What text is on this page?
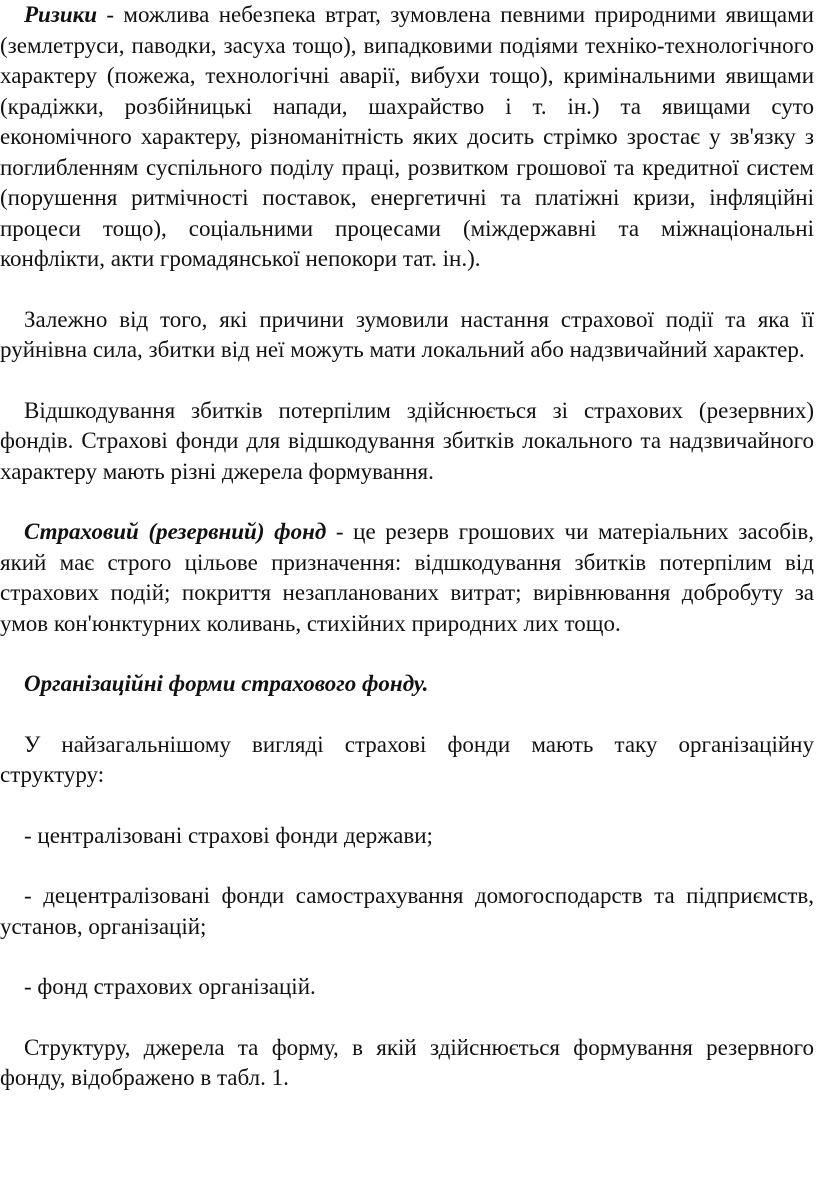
Ризики - можлива небезпека втрат, зумовлена певними природними явищами (землетруси, паводки, засуха тощо), випадковими подіями техніко-технологічного характеру (пожежа, технологічні аварії, вибухи тощо), кримінальними явищами (крадіжки, розбійницькі напади, шахрайство і т. ін.) та явищами суто економічного характеру, різноманітність яких досить стрімко зростає у зв'язку з поглибленням суспільного поділу праці, розвитком грошової та кредитної систем (порушення ритмічності поставок, енергетичні та платіжні кризи, інфляційні процеси тощо), соціальними процесами (міждержавні та міжнаціональні конфлікти, акти громадянської непокори тат. ін.).

Залежно від того, які причини зумовили настання страхової події та яка її руйнівна сила, збитки від неї можуть мати локальний або надзвичайний характер.

Відшкодування збитків потерпілим здійснюється зі страхових (резервних) фондів. Страхові фонди для відшкодування збитків локального та надзвичайного характеру мають різні джерела формування.

Страховий (резервний) фонд - це резерв грошових чи матеріальних засобів, який має строго цільове призначення: відшкодування збитків потерпілим від страхових подій; покриття незапланованих витрат; вирівнювання добробуту за умов кон'юнктурних коливань, стихійних природних лих тощо.

Організаційні форми страхового фонду.

У найзагальнішому вигляді страхові фонди мають таку організаційну структуру:

- централізовані страхові фонди держави;

- децентралізовані фонди самострахування домогосподарств та підприємств, установ, організацій;

- фонд страхових організацій.

Структуру, джерела та форму, в якій здійснюється формування резервного фонду, відображено в табл. 1.
